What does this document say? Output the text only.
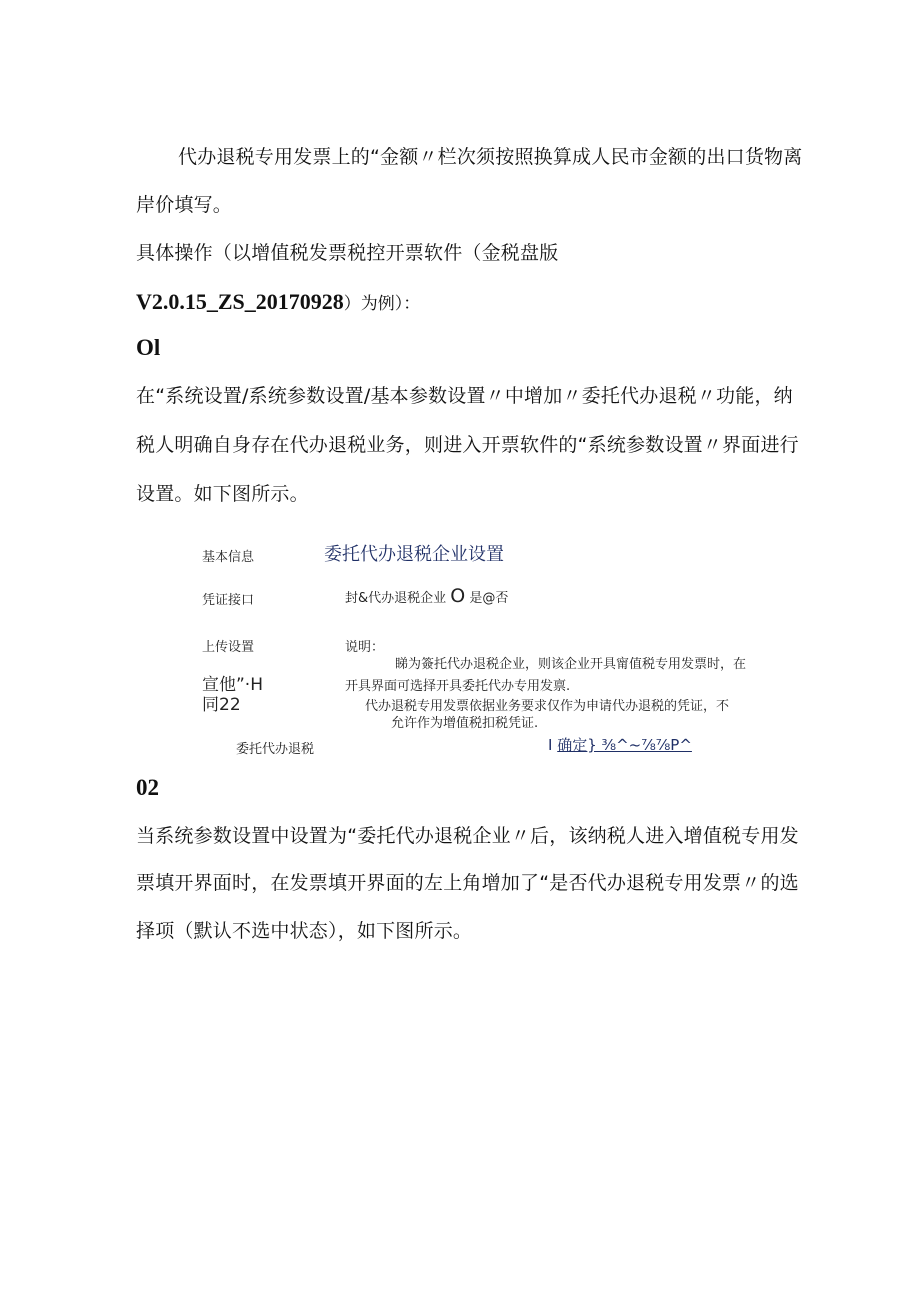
代办退税专用发票上的“金额〃栏次须按照换算成人民市金额的出口货物离
岸价填写。
具体操作（以增值税发票税控开票软件（金税盘版
V2.0.15_ZS_20170928）为例）：
Ol
在“系统设置/系统参数设置/基本参数设置〃中增加〃委托代办退税〃功能，纳
税人明确自身存在代办退税业务，则进入开票软件的“系统参数设置〃界面进行
设置。如下图所示。
基本信息	委托代办退税企业设置
凭证接口	封&代办退税企业 O 是@否
上传设置	说明：
睇为簽托代办退税企业，则该企业开具甯值税专用发票时，在
宣他”·H	开具界面可选择开具委托代办专用发禀.
同22	代办退税专用发票依据业务要求仅作为申请代办退税的凭证，不
允许作为增值税扣税凭证.
委托代办退税	I 确定} ⅜^~⅞⅞P^
02
当系统参数设置中设置为“委托代办退税企业〃后，该纳税人进入增值税专用发
票填开界面时，在发票填开界面的左上角增加了“是否代办退税专用发票〃的选
择项（默认不选中状态），如下图所示。
